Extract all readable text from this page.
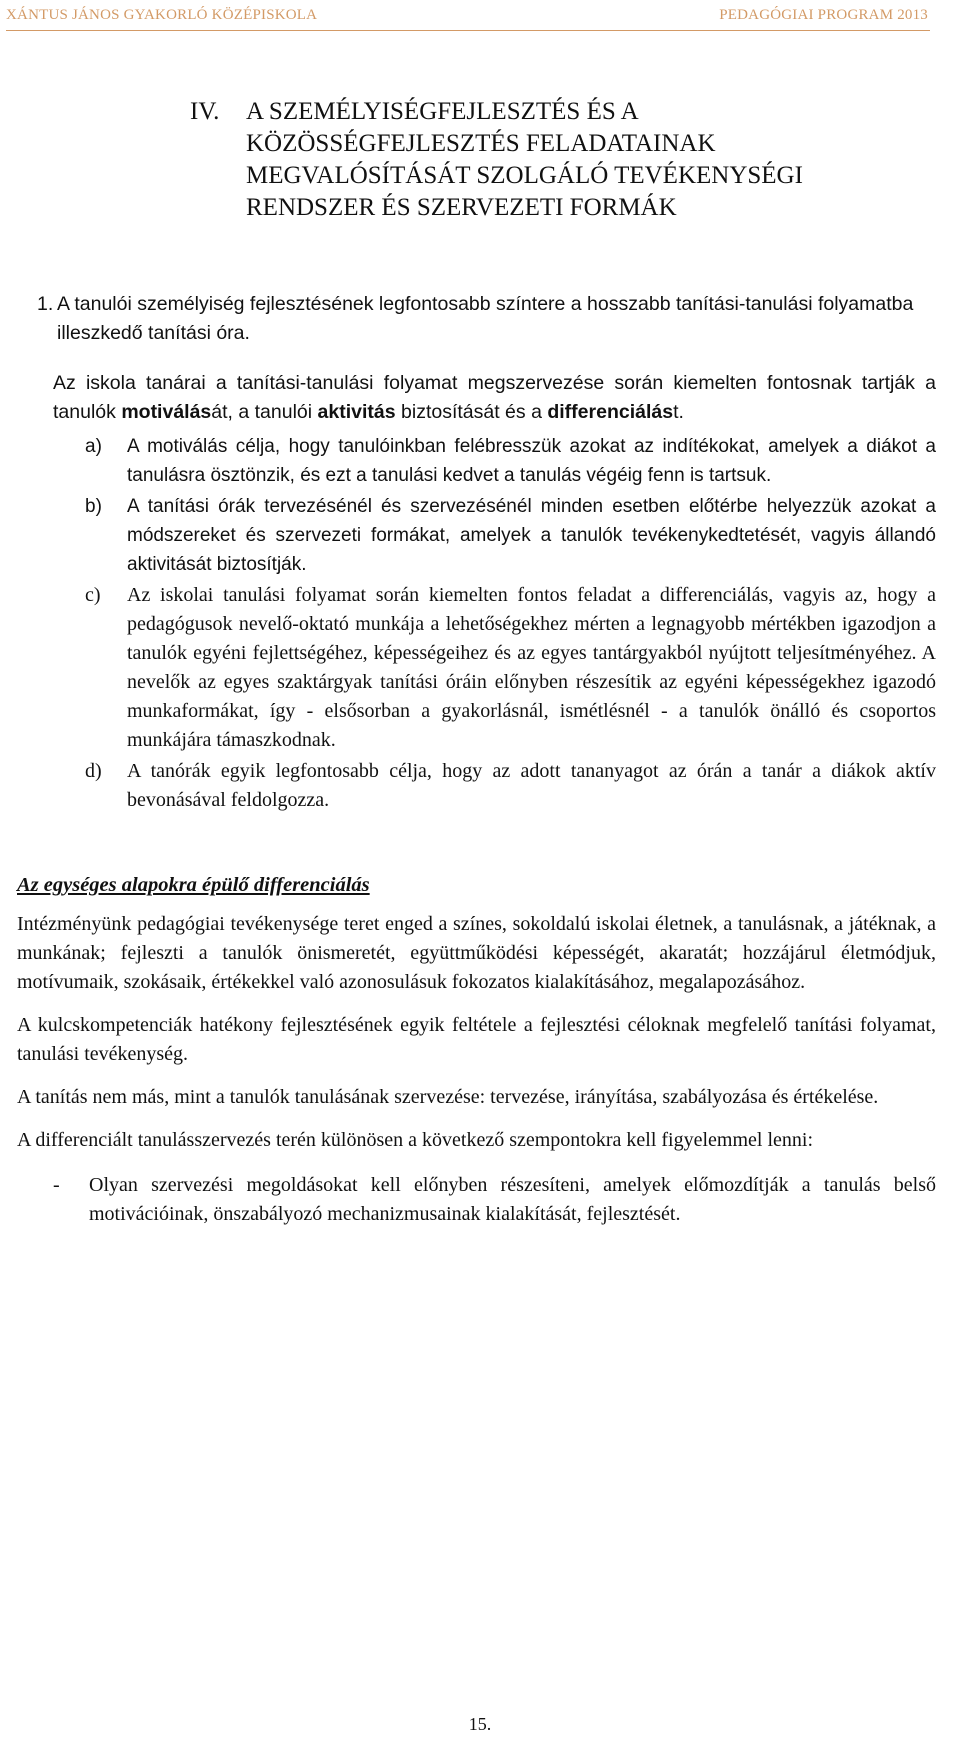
XÁNTUS JÁNOS GYAKORLÓ KÖZÉPISKOLA	PEDAGÓGIAI PROGRAM 2013
IV. A SZEMÉLYISÉGFEJLESZTÉS ÉS A KÖZÖSSÉGFEJLESZTÉS FELADATAINAK MEGVALÓSÍTÁSÁT SZOLGÁLÓ TEVÉKENYSÉGI RENDSZER ÉS SZERVEZETI FORMÁK
1. A tanulói személyiség fejlesztésének legfontosabb színtere a hosszabb tanítási-tanulási folyamatba illeszkedő tanítási óra.

Az iskola tanárai a tanítási-tanulási folyamat megszervezése során kiemelten fontosnak tartják a tanulók motiválását, a tanulói aktivitás biztosítását és a differenciálást.

a) A motiválás célja, hogy tanulóinkban felébresszük azokat az indítékokat, amelyek a diákot a tanulásra ösztönzik, és ezt a tanulási kedvet a tanulás végéig fenn is tartsuk.

b) A tanítási órák tervezésénél és szervezésénél minden esetben előtérbe helyezzük azokat a módszereket és szervezeti formákat, amelyek a tanulók tevékenykedtetését, vagyis állandó aktivitását biztosítják.

c) Az iskolai tanulási folyamat során kiemelten fontos feladat a differenciálás, vagyis az, hogy a pedagógusok nevelő-oktató munkája a lehetőségekhez mérten a legnagyobb mértékben igazodjon a tanulók egyéni fejlettségéhez, képességeihez és az egyes tantárgyakból nyújtott teljesítményéhez. A nevelők az egyes szaktárgyak tanítási óráin előnyben részesítik az egyéni képességekhez igazodó munkaformákat, így - elsősorban a gyakorlásnál, ismétlésnél - a tanulók önálló és csoportos munkájára támaszkodnak.

d) A tanórák egyik legfontosabb célja, hogy az adott tananyagot az órán a tanár a diákok aktív bevonásával feldolgozza.

Az egységes alapokra épülő differenciálás

Intézményünk pedagógiai tevékenysége teret enged a színes, sokoldalú iskolai életnek, a tanulásnak, a játéknak, a munkának; fejleszti a tanulók önismeretét, együttműködési képességét, akaratát; hozzájárul életmódjuk, motívumaik, szokásaik, értékekkel való azonosulásuk fokozatos kialakításához, megalapozásához.

A kulcskompetenciák hatékony fejlesztésének egyik feltétele a fejlesztési céloknak megfelelő tanítási folyamat, tanulási tevékenység.

A tanítás nem más, mint a tanulók tanulásának szervezése: tervezése, irányítása, szabályozása és értékelése.

A differenciált tanulásszervezés terén különösen a következő szempontokra kell figyelemmel lenni:

- Olyan szervezési megoldásokat kell előnyben részesíteni, amelyek előmozdítják a tanulás belső motivációinak, önszabályozó mechanizmusainak kialakítását, fejlesztését.

15.
